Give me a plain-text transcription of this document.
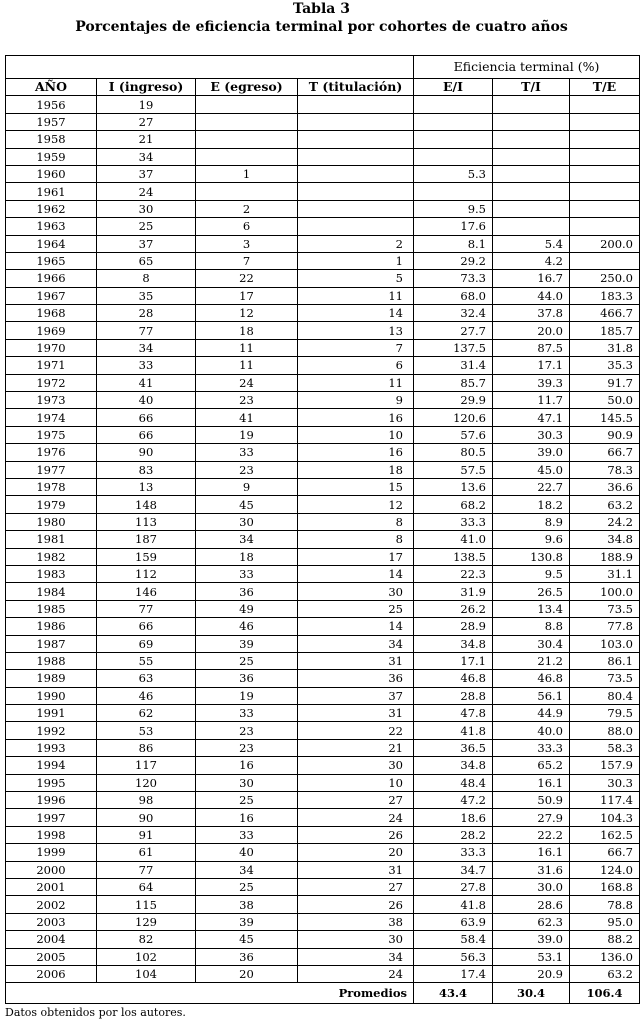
Tabla 3
Porcentajes de eficiencia terminal por cohortes de cuatro años
				Eficiencia terminal (%)		
AÑO	I (ingreso)	E (egreso)	T (titulación)	E/I	T/I	T/E
1956	19					
1957	27					
1958	21					
1959	34					
1960	37	1		5.3		
1961	24					
1962	30	2		9.5		
1963	25	6		17.6		
1964	37	3	2	8.1	5.4	200.0
1965	65	7	1	29.2	4.2	
1966	8	22	5	73.3	16.7	250.0
1967	35	17	11	68.0	44.0	183.3
1968	28	12	14	32.4	37.8	466.7
1969	77	18	13	27.7	20.0	185.7
1970	34	11	7	137.5	87.5	31.8
1971	33	11	6	31.4	17.1	35.3
1972	41	24	11	85.7	39.3	91.7
1973	40	23	9	29.9	11.7	50.0
1974	66	41	16	120.6	47.1	145.5
1975	66	19	10	57.6	30.3	90.9
1976	90	33	16	80.5	39.0	66.7
1977	83	23	18	57.5	45.0	78.3
1978	13	9	15	13.6	22.7	36.6
1979	148	45	12	68.2	18.2	63.2
1980	113	30	8	33.3	8.9	24.2
1981	187	34	8	41.0	9.6	34.8
1982	159	18	17	138.5	130.8	188.9
1983	112	33	14	22.3	9.5	31.1
1984	146	36	30	31.9	26.5	100.0
1985	77	49	25	26.2	13.4	73.5
1986	66	46	14	28.9	8.8	77.8
1987	69	39	34	34.8	30.4	103.0
1988	55	25	31	17.1	21.2	86.1
1989	63	36	36	46.8	46.8	73.5
1990	46	19	37	28.8	56.1	80.4
1991	62	33	31	47.8	44.9	79.5
1992	53	23	22	41.8	40.0	88.0
1993	86	23	21	36.5	33.3	58.3
1994	117	16	30	34.8	65.2	157.9
1995	120	30	10	48.4	16.1	30.3
1996	98	25	27	47.2	50.9	117.4
1997	90	16	24	18.6	27.9	104.3
1998	91	33	26	28.2	22.2	162.5
1999	61	40	20	33.3	16.1	66.7
2000	77	34	31	34.7	31.6	124.0
2001	64	25	27	27.8	30.0	168.8
2002	115	38	26	41.8	28.6	78.8
2003	129	39	38	63.9	62.3	95.0
2004	82	45	30	58.4	39.0	88.2
2005	102	36	34	56.3	53.1	136.0
2006	104	20	24	17.4	20.9	63.2
Promedios				43.4	30.4	106.4
Datos obtenidos por los autores.
